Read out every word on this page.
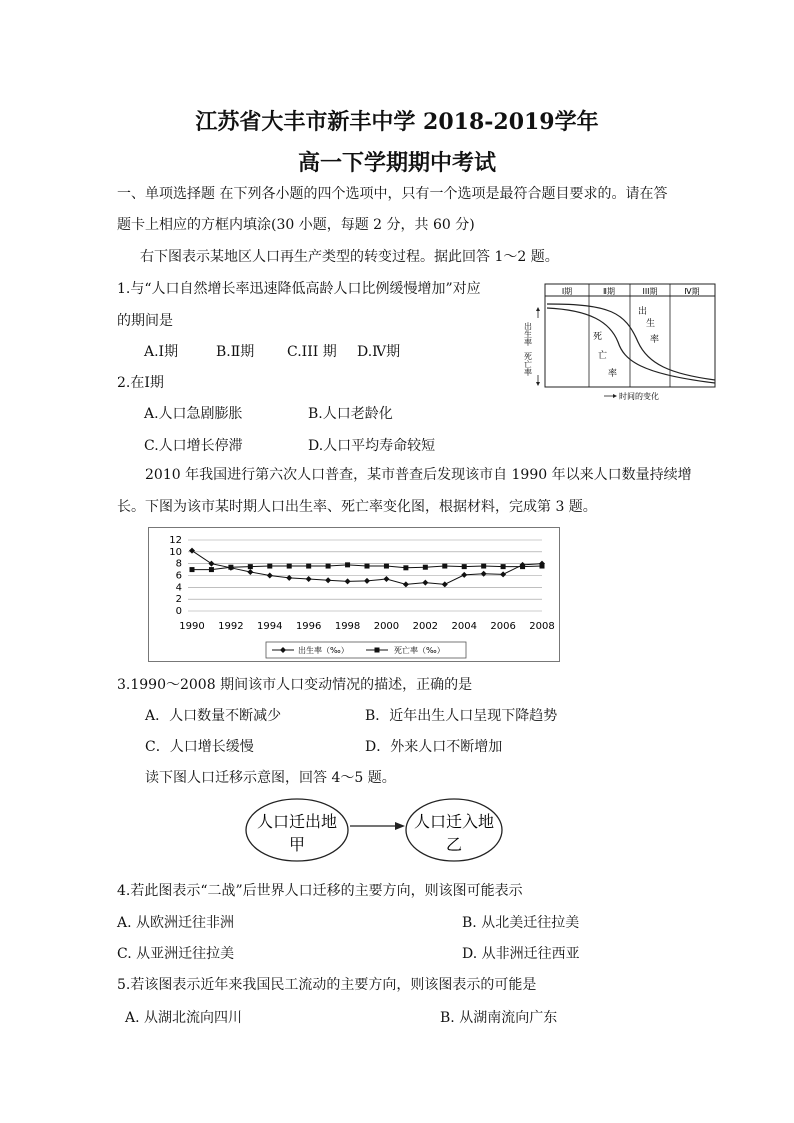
江苏省大丰市新丰中学 2018-2019学年
高一下学期期中考试
一、单项选择题 在下列各小题的四个选项中，只有一个选项是最符合题目要求的。请在答
题卡上相应的方框内填涂(30 小题，每题 2 分，共 60 分)
右下图表示某地区人口再生产类型的转变过程。据此回答 1～2 题。
1.与“人口自然增长率迅速降低高龄人口比例缓慢增加”对应
的期间是
A.Ⅰ期	B.Ⅱ期 C.III 期 D.Ⅳ期
2.在Ⅰ期
A.人口急剧膨胀	B.人口老龄化
C.人口增长停滞	D.人口平均寿命较短
Ⅰ期	Ⅱ期	III期	Ⅳ期
出
生
率
死
亡
率
出生率
死亡率
时间的变化
2010 年我国进行第六次人口普查，某市普查后发现该市自 1990 年以来人口数量持续增
长。下图为该市某时期人口出生率、死亡率变化图，根据材料，完成第 3 题。
0
2
4
6
8
10
12
1990 1992 1994 1996 1998 2000 2002 2004 2006 2008
出生率（‰）	死亡率（‰）
3.1990～2008 期间该市人口变动情况的描述，正确的是
A．人口数量不断减少	B．近年出生人口呈现下降趋势
C．人口增长缓慢	D．外来人口不断增加
读下图人口迁移示意图，回答 4～5 题。
人口迁出地
甲
人口迁入地
乙
4.若此图表示“二战”后世界人口迁移的主要方向，则该图可能表示
A. 从欧洲迁往非洲	B. 从北美迁往拉美
C. 从亚洲迁往拉美	D. 从非洲迁往西亚
5.若该图表示近年来我国民工流动的主要方向，则该图表示的可能是
A. 从湖北流向四川	B. 从湖南流向广东
